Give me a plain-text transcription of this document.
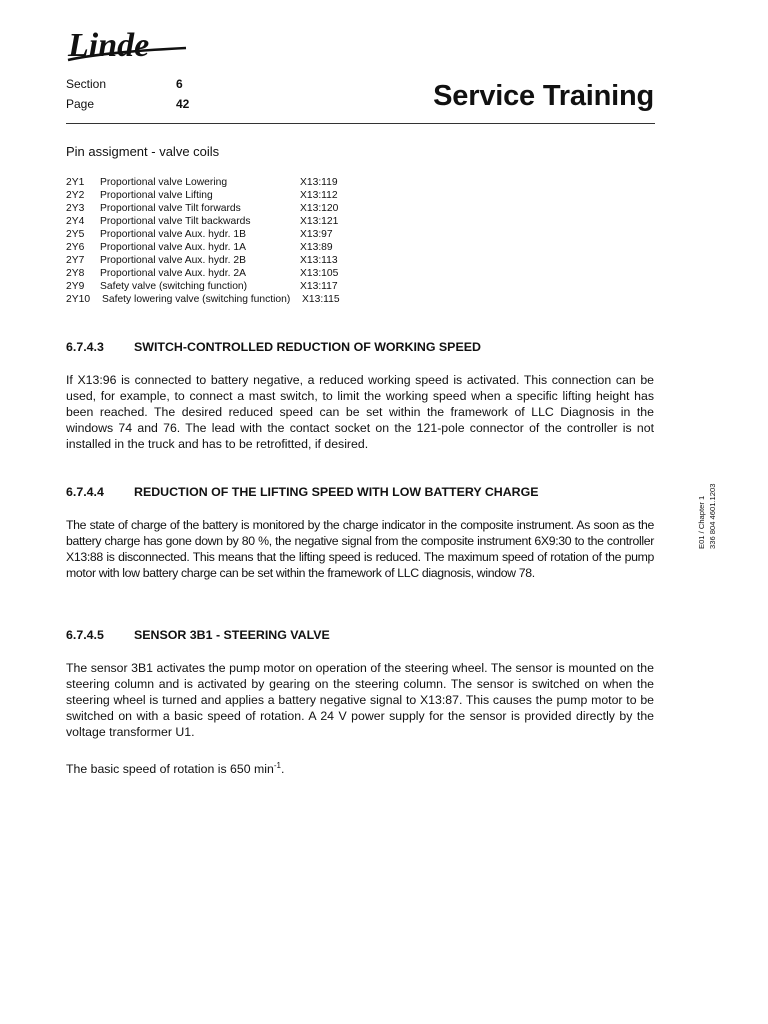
Linde
Section	6
Page	42	Service Training
Pin assigment - valve coils
2Y1 Proportional valve Lowering	X13:119
2Y2 Proportional valve Lifting	X13:112
2Y3 Proportional valve Tilt forwards	X13:120
2Y4 Proportional valve Tilt backwards	X13:121
2Y5 Proportional valve Aux. hydr. 1B	X13:97
2Y6 Proportional valve Aux. hydr. 1A	X13:89
2Y7 Proportional valve Aux. hydr. 2B	X13:113
2Y8 Proportional valve Aux. hydr. 2A	X13:105
2Y9 Safety valve (switching function)	X13:117
2Y10 Safety lowering valve (switching function) X13:115
6.7.4.3 SWITCH-CONTROLLED REDUCTION OF WORKING SPEED
If X13:96 is connected to battery negative, a reduced working speed is activated. This connection can be used, for example, to connect a mast switch, to limit the working speed when a specific lifting height has been reached. The desired reduced speed can be set within the framework of LLC Diagnosis in the windows 74 and 76. The lead with the contact socket on the 121-pole connector of the controller is not installed in the truck and has to be retrofitted, if desired.
6.7.4.4 REDUCTION OF THE LIFTING SPEED WITH LOW BATTERY CHARGE
The state of charge of the battery is monitored by the charge indicator in the composite instrument. As soon as the battery charge has gone down by 80 %, the negative signal from the composite instrument 6X9:30 to the controller X13:88 is disconnected. This means that the lifting speed is reduced. The maximum speed of rotation of the pump motor with low battery charge can be set within the framework of LLC diagnosis, window 78.
6.7.4.5 SENSOR 3B1 - STEERING VALVE
The sensor 3B1 activates the pump motor on operation of the steering wheel. The sensor is mounted on the steering column and is activated by gearing on the steering column. The sensor is switched on when the steering wheel is turned and applies a battery negative signal to X13:87. This causes the pump motor to be switched on with a basic speed of rotation. A 24 V power supply for the sensor is provided directly by the voltage transformer U1.
The basic speed of rotation is 650 $\min^{-1}$.
E01 / Chapter 1 336 804 4601.1203
